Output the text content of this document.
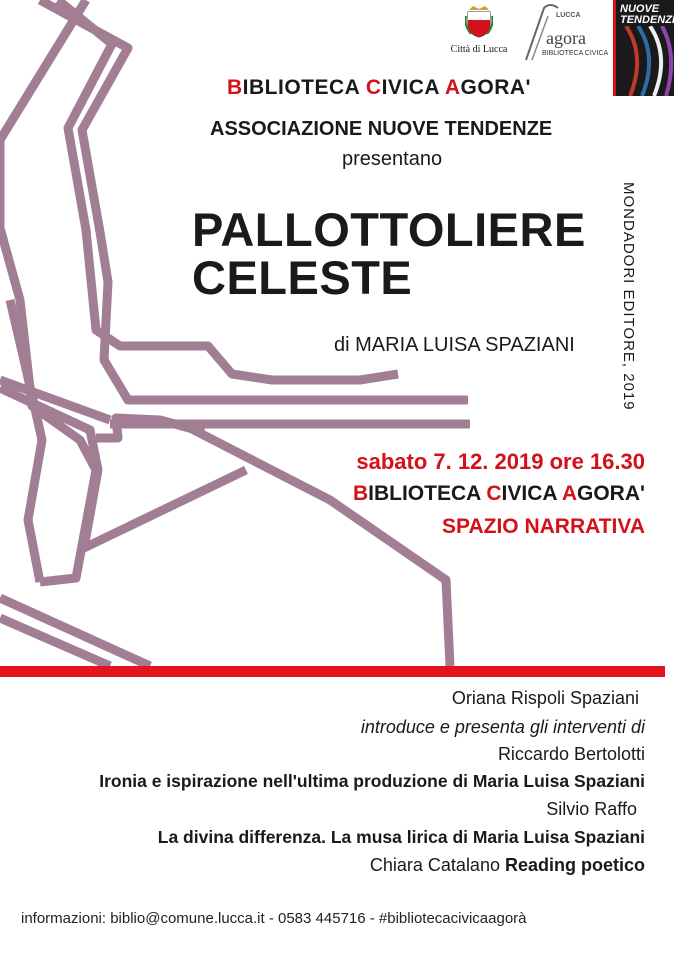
Città di Lucca
LUCCA
agora
BIBLIOTECA CIVICA
NUOVE
TENDENZE
BIBLIOTECA CIVICA AGORA'
ASSOCIAZIONE NUOVE TENDENZE
presentano
PALLOTTOLIERE
CELESTE
di MARIA LUISA SPAZIANI	MONDADORI EDITORE, 2019
sabato 7. 12. 2019 ore 16.30
BIBLIOTECA CIVICA AGORA'
SPAZIO NARRATIVA
Oriana Rispoli Spaziani
introduce e presenta gli interventi di
Riccardo Bertolotti
Ironia e ispirazione nell'ultima produzione di Maria Luisa Spaziani
Silvio Raffo
La divina differenza. La musa lirica di Maria Luisa Spaziani
Chiara Catalano Reading poetico
informazioni: biblio@comune.lucca.it - 0583 445716 - #bibliotecacivicaagorà
